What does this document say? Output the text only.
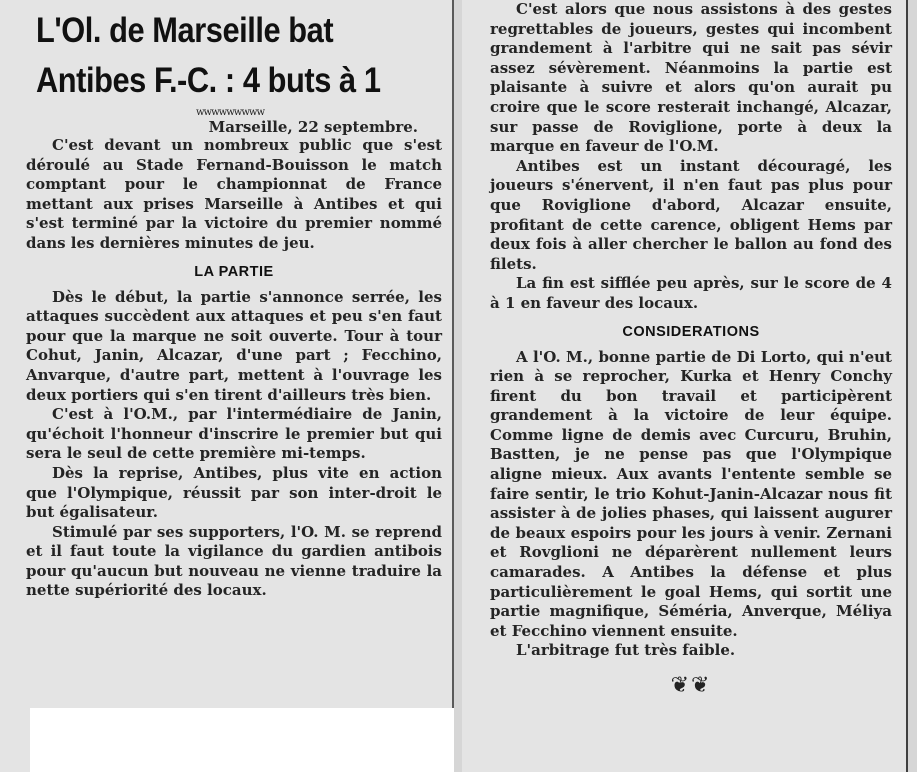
L'Ol. de Marseille bat
Antibes F.-C. : 4 buts à 1
wwwwwwwww

Marseille, 22 septembre.

C'est devant un nombreux public que s'est déroulé au Stade Fernand-Bouisson le match comptant pour le championnat de France mettant aux prises Marseille à Antibes et qui s'est terminé par la victoire du premier nommé dans les dernières minutes de jeu.

LA PARTIE

Dès le début, la partie s'annonce serrée, les attaques succèdent aux attaques et peu s'en faut pour que la marque ne soit ouverte. Tour à tour Cohut, Janin, Alcazar, d'une part ; Fecchino, Anvarque, d'autre part, mettent à l'ouvrage les deux portiers qui s'en tirent d'ailleurs très bien.

C'est à l'O.M., par l'intermédiaire de Janin, qu'échoit l'honneur d'inscrire le premier but qui sera le seul de cette première mi-temps.

Dès la reprise, Antibes, plus vite en action que l'Olympique, réussit par son inter-droit le but égalisateur.

Stimulé par ses supporters, l'O. M. se reprend et il faut toute la vigilance du gardien antibois pour qu'aucun but nouveau ne vienne traduire la nette supériorité des locaux.

C'est alors que nous assistons à des gestes regrettables de joueurs, gestes qui incombent grandement à l'arbitre qui ne sait pas sévir assez sévèrement. Néanmoins la partie est plaisante à suivre et alors qu'on aurait pu croire que le score resterait inchangé, Alcazar, sur passe de Roviglione, porte à deux la marque en faveur de l'O.M.

Antibes est un instant découragé, les joueurs s'énervent, il n'en faut pas plus pour que Roviglione d'abord, Alcazar ensuite, profitant de cette carence, obligent Hems par deux fois à aller chercher le ballon au fond des filets.

La fin est sifflée peu après, sur le score de 4 à 1 en faveur des locaux.

CONSIDERATIONS

A l'O. M., bonne partie de Di Lorto, qui n'eut rien à se reprocher, Kurka et Henry Conchy firent du bon travail et participèrent grandement à la victoire de leur équipe. Comme ligne de demis avec Curcuru, Bruhin, Bastten, je ne pense pas que l'Olympique aligne mieux. Aux avants l'entente semble se faire sentir, le trio Kohut-Janin-Alcazar nous fit assister à de jolies phases, qui laissent augurer de beaux espoirs pour les jours à venir. Zernani et Rovglioni ne déparèrent nullement leurs camarades. A Antibes la défense et plus particulièrement le goal Hems, qui sortit une partie magnifique, Séméria, Anverque, Méliya et Fecchino viennent ensuite.

L'arbitrage fut très faible.

❦❦
